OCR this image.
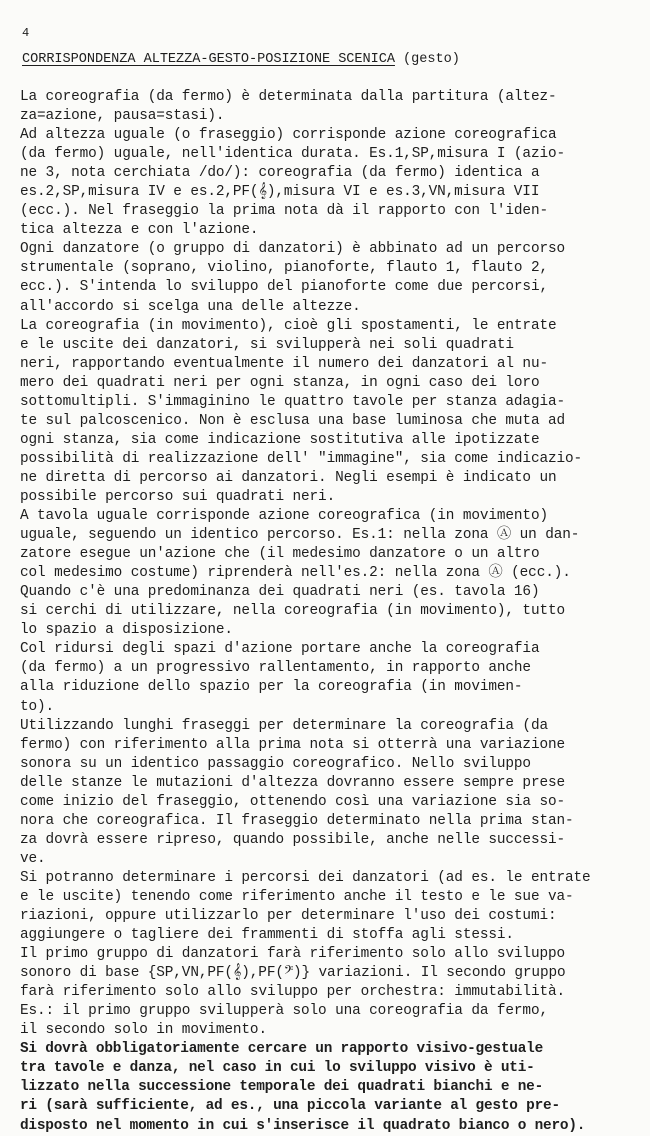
4
CORRISPONDENZA ALTEZZA-GESTO-POSIZIONE SCENICA (gesto)
La coreografia (da fermo) è determinata dalla partitura (altez-
za=azione, pausa=stasi).
Ad altezza uguale (o fraseggio) corrisponde azione coreografica
(da fermo) uguale, nell'identica durata. Es.1,SP,misura I (azio-
ne 3, nota cerchiata /do/): coreografia (da fermo) identica a
es.2,SP,misura IV e es.2,PF(𝄞),misura VI e es.3,VN,misura VII
(ecc.). Nel fraseggio la prima nota dà il rapporto con l'iden-
tica altezza e con l'azione.
Ogni danzatore (o gruppo di danzatori) è abbinato ad un percorso
strumentale (soprano, violino, pianoforte, flauto 1, flauto 2,
ecc.). S'intenda lo sviluppo del pianoforte come due percorsi,
all'accordo si scelga una delle altezze.
La coreografia (in movimento), cioè gli spostamenti, le entrate
e le uscite dei danzatori, si svilupperà nei soli quadrati
neri, rapportando eventualmente il numero dei danzatori al nu-
mero dei quadrati neri per ogni stanza, in ogni caso dei loro
sottomultipli. S'immaginino le quattro tavole per stanza adagia-
te sul palcoscenico. Non è esclusa una base luminosa che muta ad
ogni stanza, sia come indicazione sostitutiva alle ipotizzate
possibilità di realizzazione dell' "immagine", sia come indicazio-
ne diretta di percorso ai danzatori. Negli esempi è indicato un
possibile percorso sui quadrati neri.
A tavola uguale corrisponde azione coreografica (in movimento)
uguale, seguendo un identico percorso. Es.1: nella zona Ⓐ un dan-
zatore esegue un'azione che (il medesimo danzatore o un altro
col medesimo costume) riprenderà nell'es.2: nella zona Ⓐ (ecc.).
Quando c'è una predominanza dei quadrati neri (es. tavola 16)
si cerchi di utilizzare, nella coreografia (in movimento), tutto
lo spazio a disposizione.
Col ridursi degli spazi d'azione portare anche la coreografia
(da fermo) a un progressivo rallentamento, in rapporto anche
alla riduzione dello spazio per la coreografia (in movimen-
to).
Utilizzando lunghi fraseggi per determinare la coreografia (da
fermo) con riferimento alla prima nota si otterrà una variazione
sonora su un identico passaggio coreografico. Nello sviluppo
delle stanze le mutazioni d'altezza dovranno essere sempre prese
come inizio del fraseggio, ottenendo così una variazione sia so-
nora che coreografica. Il fraseggio determinato nella prima stan-
za dovrà essere ripreso, quando possibile, anche nelle successi-
ve.
Si potranno determinare i percorsi dei danzatori (ad es. le entrate
e le uscite) tenendo come riferimento anche il testo e le sue va-
riazioni, oppure utilizzarlo per determinare l'uso dei costumi:
aggiungere o tagliere dei frammenti di stoffa agli stessi.
Il primo gruppo di danzatori farà riferimento solo allo sviluppo
sonoro di base {SP,VN,PF(𝄞),PF(𝄢)} variazioni. Il secondo gruppo
farà riferimento solo allo sviluppo per orchestra: immutabilità.
Es.: il primo gruppo svilupperà solo una coreografia da fermo,
il secondo solo in movimento.
Si dovrà obbligatoriamente cercare un rapporto visivo-gestuale
tra tavole e danza, nel caso in cui lo sviluppo visivo è uti-
lizzato nella successione temporale dei quadrati bianchi e ne-
ri (sarà sufficiente, ad es., una piccola variante al gesto pre-
disposto nel momento in cui s'inserisce il quadrato bianco o nero).
